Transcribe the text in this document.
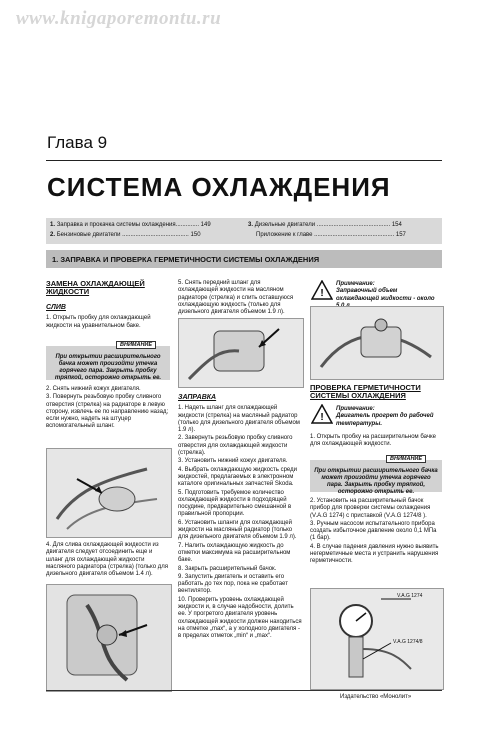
www.knigaporemontu.ru
Глава 9
СИСТЕМА ОХЛАЖДЕНИЯ
1. Заправка и прокачка системы охлаждения.............. 149
2. Бензиновые двигатели ........................................ 150
3. Дизельные двигатели ............................................ 154
Приложение к главе ................................................ 157
1. ЗАПРАВКА И ПРОВЕРКА ГЕРМЕТИЧНОСТИ СИСТЕМЫ ОХЛАЖДЕНИЯ
ЗАМЕНА ОХЛАЖДАЮЩЕЙ ЖИДКОСТИ
СЛИВ

1. Открыть пробку для охлаждающей жидкости на уравнительном баке.

При открытии расширительного бачка может произойти утечка горячего пара. Закрыть пробку тряпкой, осторожно открыть ее.
ВНИМАНИЕ

2. Снять нижний кожух двигателя.

3. Повернуть резьбовую пробку сливного отверстия (стрелка) на радиаторе в левую сторону, извлечь ее по направлению назад; если нужно, надеть на штуцер вспомогательный шланг.

4. Для слива охлаждающей жидкости из двигателя следует отсоединить еще и шланг для охлаждающей жидкости масляного радиатора (стрелка) (только для дизельного двигателя объемом 1.4 л).

5. Снять передний шланг для охлаждающей жидкости на масляном радиаторе (стрелка) и слить оставшуюся охлаждающую жидкость (только для дизельного двигателя объемом 1.9 л).

ЗАПРАВКА

1. Надеть шланг для охлаждающей жидкости (стрелка) на масляный радиатор (только для дизельного двигателя объемом 1.9 л).

2. Завернуть резьбовую пробку сливного отверстия для охлаждающей жидкости (стрелка).

3. Установить нижний кожух двигателя.

4. Выбрать охлаждающую жидкость среди жидкостей, предлагаемых в электронном каталоге оригинальных запчастей Skoda.

5. Подготовить требуемое количество охлаждающей жидкости в подходящей посудине, предварительно смешанной в правильной пропорции.

6. Установить шланги для охлаждающей жидкости на масляный радиатор (только для дизельного двигателя объемом 1.9 л).

7. Налить охлаждающую жидкость до отметки максимума на расширительном баке.

8. Закрыть расширительный бачок.

9. Запустить двигатель и оставить его работать до тех пор, пока не сработает вентилятор.

10. Проверить уровень охлаждающей жидкости и, в случае надобности, долить ее. У прогретого двигателя уровень охлаждающей жидкости должен находиться на отметке „max“, а у холодного двигателя - в пределах отметок „min“ и „max“.

!
Примечание:
Заправочный объем охлаждающей жидкости - около
ПРОВЕРКА ГЕРМЕТИЧНОСТИ СИСТЕМЫ ОХЛАЖДЕНИЯ
!
Примечание:
Двигатель прогрет до рабочей температуры.

1. Открыть пробку на расширительном бачке для охлаждающей жидкости.

При открытии расширительного бачка может произойти утечка горячего пара. Закрыть пробку тряпкой, осторожно открыть ее.
ВНИМАНИЕ

2. Установить на расширительный бачок прибор для проверки системы охлаждения (V.A.G 1274) с приставкой (V.A.G 1274/8 ).

3. Ручным насосом испытательного прибора создать избыточное давление около 0,1 МПа (1 бар).

4. В случае падения давления нужно выявить негерметичные места и устранить нарушения герметичности.

V.A.G 1274
V.A.G 1274/8
Издательство «Монолит»
